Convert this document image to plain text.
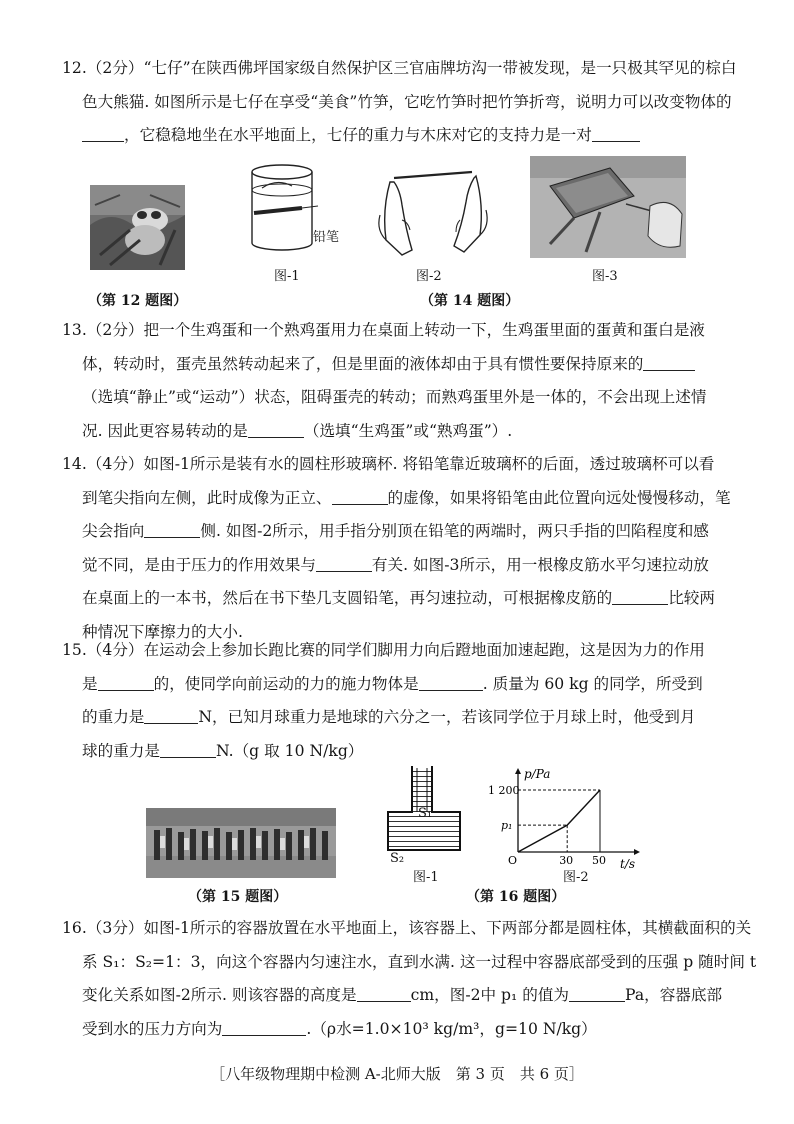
12.（2分）“七仔”在陕西佛坪国家级自然保护区三官庙牌坊沟一带被发现，是一只极其罕见的棕白
色大熊猫. 如图所示是七仔在享受“美食”竹笋，它吃竹笋时把竹笋折弯，说明力可以改变物体的
，它稳稳地坐在水平地面上，七仔的重力与木床对它的支持力是一对
铅笔
图-1	图-2	图-3
（第 12 题图）	（第 14 题图）
13.（2分）把一个生鸡蛋和一个熟鸡蛋用力在桌面上转动一下，生鸡蛋里面的蛋黄和蛋白是液
体，转动时，蛋壳虽然转动起来了，但是里面的液体却由于具有惯性要保持原来的
（选填“静止”或“运动”）状态，阻碍蛋壳的转动；而熟鸡蛋里外是一体的，不会出现上述情
况. 因此更容易转动的是	（选填“生鸡蛋”或“熟鸡蛋”）.
14.（4分）如图-1所示是装有水的圆柱形玻璃杯. 将铅笔靠近玻璃杯的后面，透过玻璃杯可以看
到笔尖指向左侧，此时成像为正立、	的虚像，如果将铅笔由此位置向远处慢慢移动，笔
尖会指向	侧. 如图-2所示，用手指分别顶在铅笔的两端时，两只手指的凹陷程度和感
觉不同，是由于压力的作用效果与	有关. 如图-3所示，用一根橡皮筋水平匀速拉动放
在桌面上的一本书，然后在书下垫几支圆铅笔，再匀速拉动，可根据橡皮筋的	比较两
种情况下摩擦力的大小.
15.（4分）在运动会上参加长跑比赛的同学们脚用力向后蹬地面加速起跑，这是因为力的作用
是	的，使同学向前运动的力的施力物体是	. 质量为 60 kg 的同学，所受到
的重力是	N，已知月球重力是地球的六分之一，若该同学位于月球上时，他受到月
球的重力是	N.（g 取 10 N/kg）
S₁
S₂
图-1
p/Pa
t/s
O	30 50
1 200
p₁
图-2
（第 15 题图）	（第 16 题图）
16.（3分）如图-1所示的容器放置在水平地面上，该容器上、下两部分都是圆柱体，其横截面积的关
系 S₁：S₂=1：3，向这个容器内匀速注水，直到水满. 这一过程中容器底部受到的压强 p 随时间 t
变化关系如图-2所示. 则该容器的高度是	cm，图-2中 p₁ 的值为	Pa，容器底部
受到水的压力方向为	.（ρ水=1.0×10³ kg/m³，g=10 N/kg）
［八年级物理期中检测 A-北师大版　第 3 页　共 6 页］
